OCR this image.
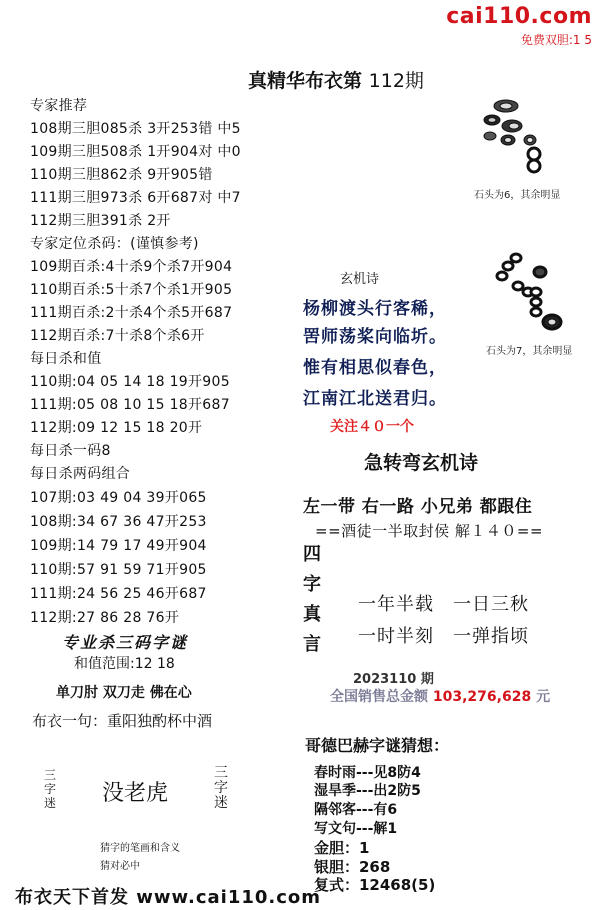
cai110.com
免费双胆:1 5
真精华布衣第 112期
专家推荐
108期三胆085杀 3开253错 中5
109期三胆508杀 1开904对 中0
110期三胆862杀 9开905错
111期三胆973杀 6开687对 中7
112期三胆391杀 2开
专家定位杀码：(谨慎参考)
109期百杀:4十杀9个杀7开904
110期百杀:5十杀7个杀1开905
111期百杀:2十杀4个杀5开687
112期百杀:7十杀8个杀6开
每日杀和值
110期:04 05 14 18 19开905
111期:05 08 10 15 18开687
112期:09 12 15 18 20开
每日杀一码8
每日杀两码组合
107期:03 49 04 39开065
108期:34 67 36 47开253
109期:14 79 17 49开904
110期:57 91 59 71开905
111期:24 56 25 46开687
112期:27 86 28 76开
专业杀三码字谜
和值范围:12 18
单刀肘 双刀走 佛在心
布衣一句：重阳独酌杯中酒
三
字
迷 没老虎
三
字
迷
猜字的笔画和含义
猜对必中
石头为6，其余明显
石头为7，其余明显
玄机诗
杨柳渡头行客稀，
罟师荡桨向临圻。
惟有相思似春色，
江南江北送君归。
关注４０一个
急转弯玄机诗
左一带 右一路 小兄弟 都跟住
==酒徒一半取封侯 解１４０==
四
字
真
言
一年半载　一日三秋
一时半刻　一弹指顷
2023110 期
全国销售总金额 103,276,628 元
哥德巴赫字谜猜想：
春时雨---见8防4
湿旱季---出2防5
隔邻客---有6
写文句---解1
金胆：1
银胆：268
复式：12468(5)
布衣天下首发 www.cai110.com
